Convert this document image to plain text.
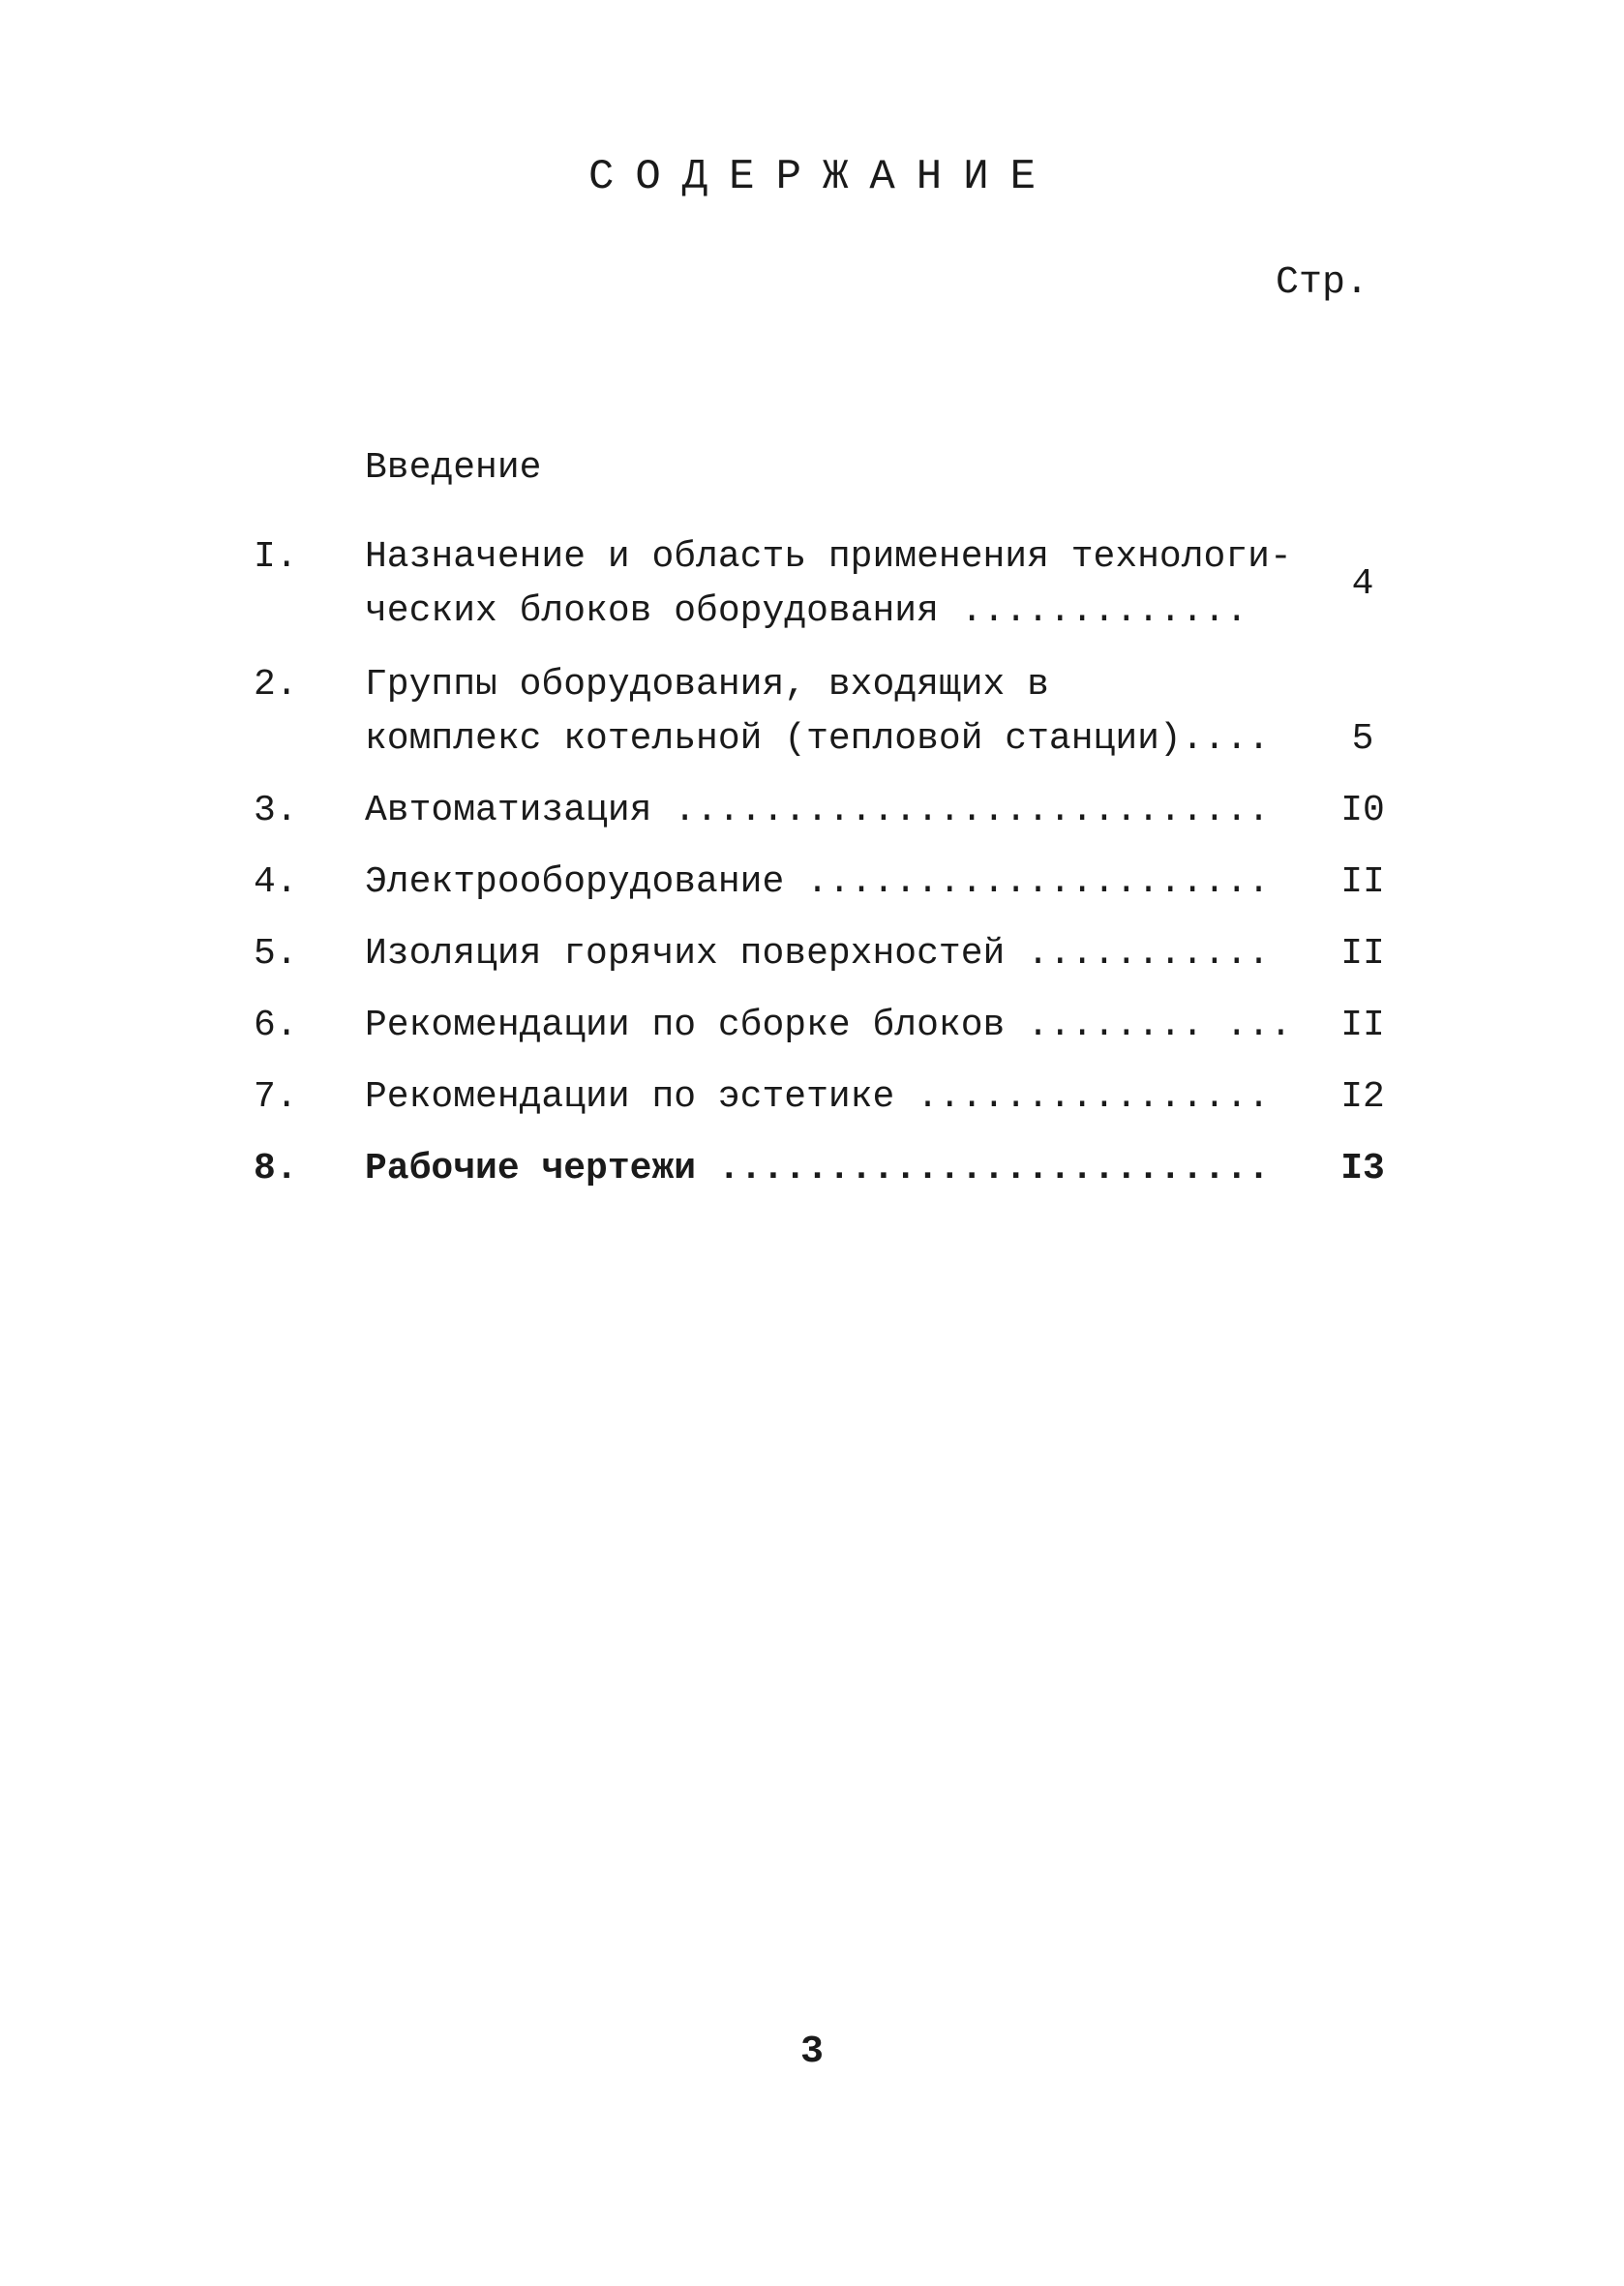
СОДЕРЖАНИЕ
Стр.
Введение
I. Назначение и область применения технологи-
ческих блоков оборудования .............
4
2. Группы оборудования, входящих в
комплекс котельной (тепловой станции)....	5
3. Автоматизация ........................... I0
4. Электрооборудование ..................... II
5. Изоляция горячих поверхностей ........... II
6. Рекомендации по сборке блоков ........ ... II
7. Рекомендации по эстетике ................ I2
8. Рабочие чертежи ......................... I3
3
